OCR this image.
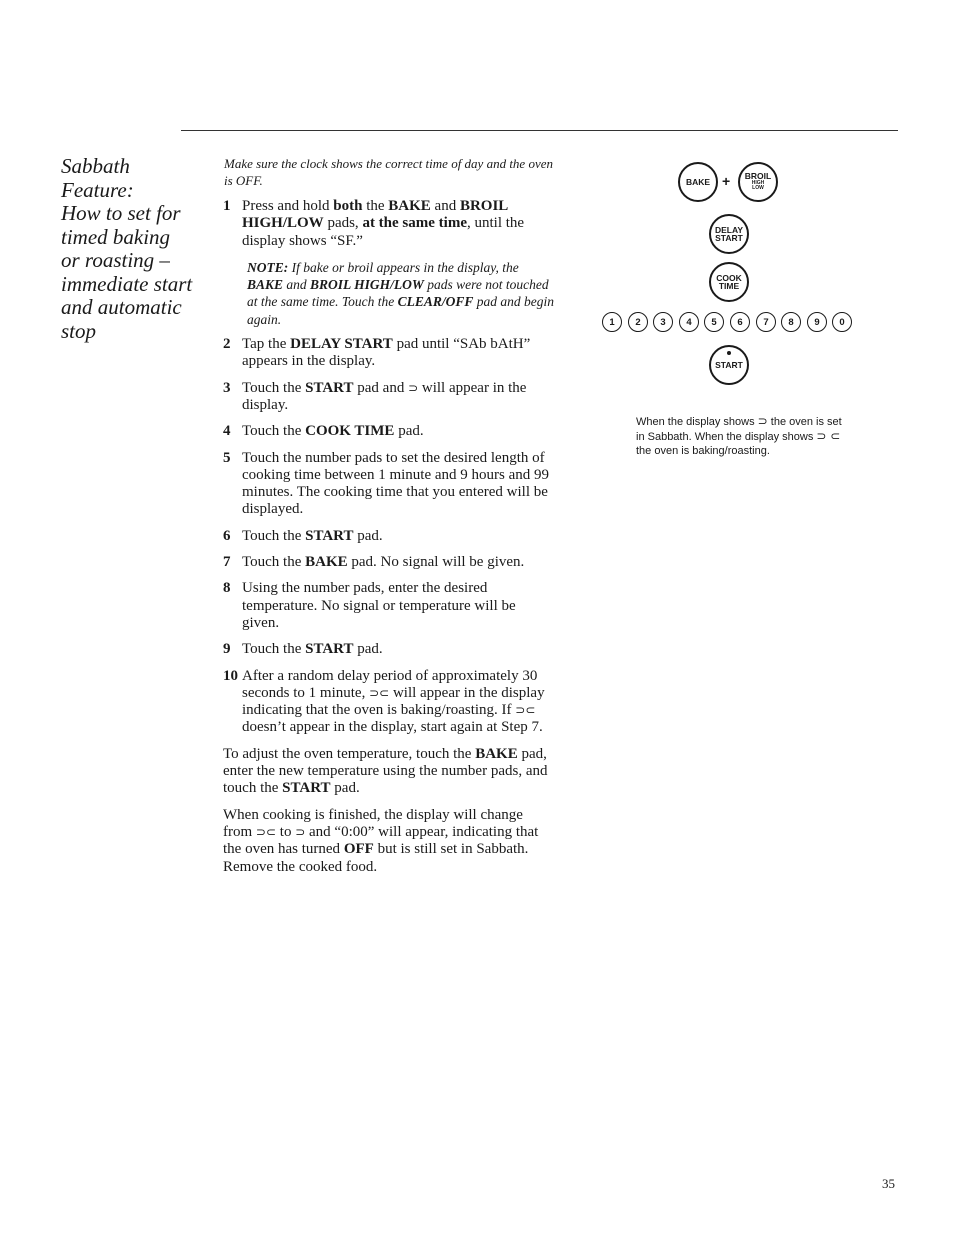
Sabbath
Feature:
How to set for
timed baking
or roasting –
immediate start
and automatic
stop
Make sure the clock shows the correct time of day and the oven is OFF.
1 Press and hold both the BAKE and BROIL HIGH/LOW pads, at the same time, until the display shows “SF.”
NOTE: If bake or broil appears in the display, the BAKE and BROIL HIGH/LOW pads were not touched at the same time. Touch the CLEAR/OFF pad and begin again.
2 Tap the DELAY START pad until “SAb bAtH” appears in the display.
3 Touch the START pad and ⊃ will appear in the display.
4 Touch the COOK TIME pad.
5 Touch the number pads to set the desired length of cooking time between 1 minute and 9 hours and 99 minutes. The cooking time that you entered will be displayed.
6 Touch the START pad.
7 Touch the BAKE pad. No signal will be given.
8 Using the number pads, enter the desired temperature. No signal or temperature will be given.
9 Touch the START pad.
10 After a random delay period of approximately 30 seconds to 1 minute, ⊃⊂ will appear in the display indicating that the oven is baking/roasting. If ⊃⊂ doesn’t appear in the display, start again at Step 7.
To adjust the oven temperature, touch the BAKE pad, enter the new temperature using the number pads, and touch the START pad.
When cooking is finished, the display will change from ⊃⊂ to ⊃ and “0:00” will appear, indicating that the oven has turned OFF but is still set in Sabbath. Remove the cooked food.
BAKE + BROIL
HIGH
LOW
DELAY
START
COOK
TIME
1 2 3 4 5 6 7 8 9 0
START
When the display shows ⊃ the oven is set in Sabbath. When the display shows ⊃ ⊂ the oven is baking/roasting.
35
